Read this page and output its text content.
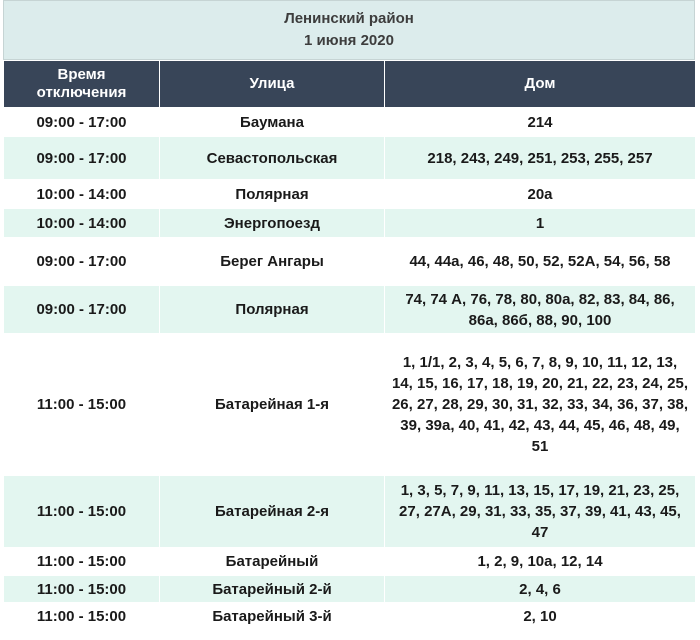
Ленинский район
1 июня 2020
Время отключения	Улица	Дом
09:00 - 17:00	Баумана	214
09:00 - 17:00	Севастопольская	218, 243, 249, 251, 253, 255, 257
10:00 - 14:00	Полярная	20а
10:00 - 14:00	Энергопоезд	1
09:00 - 17:00	Берег Ангары	44, 44а, 46, 48, 50, 52, 52А, 54, 56, 58
09:00 - 17:00	Полярная	74, 74 А, 76, 78, 80, 80а, 82, 83, 84, 86, 86а, 86б, 88, 90, 100
11:00 - 15:00	Батарейная 1-я	1, 1/1, 2, 3, 4, 5, 6, 7, 8, 9, 10, 11, 12, 13, 14, 15, 16, 17, 18, 19, 20, 21, 22, 23, 24, 25, 26, 27, 28, 29, 30, 31, 32, 33, 34, 36, 37, 38, 39, 39а, 40, 41, 42, 43, 44, 45, 46, 48, 49, 51
11:00 - 15:00	Батарейная 2-я	1, 3, 5, 7, 9, 11, 13, 15, 17, 19, 21, 23, 25, 27, 27А, 29, 31, 33, 35, 37, 39, 41, 43, 45, 47
11:00 - 15:00	Батарейный	1, 2, 9, 10а, 12, 14
11:00 - 15:00	Батарейный 2-й	2, 4, 6
11:00 - 15:00	Батарейный 3-й	2, 10
